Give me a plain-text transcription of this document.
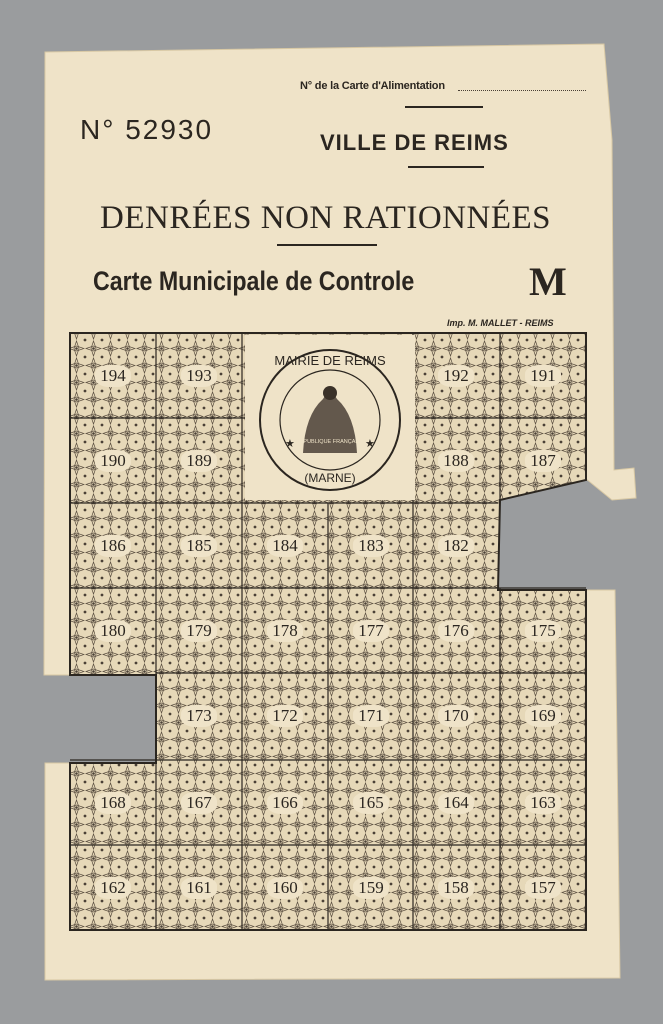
N° de la Carte d'Alimentation
N° 52930	VILLE DE REIMS
DENRÉES NON RATIONNÉES
Carte Municipale de Controle	M
Imp. M. MALLET - REIMS
RÉPUBLIQUE FRANÇAISE
★	★
MAIRIE DE REIMS
(MARNE)
194	193	192	191
190	189	188	187
186	185	184	183	182
180	179	178	177	176	175
173	172	171	170	169
168	167	166	165	164	163
162	161	160	159	158	157
